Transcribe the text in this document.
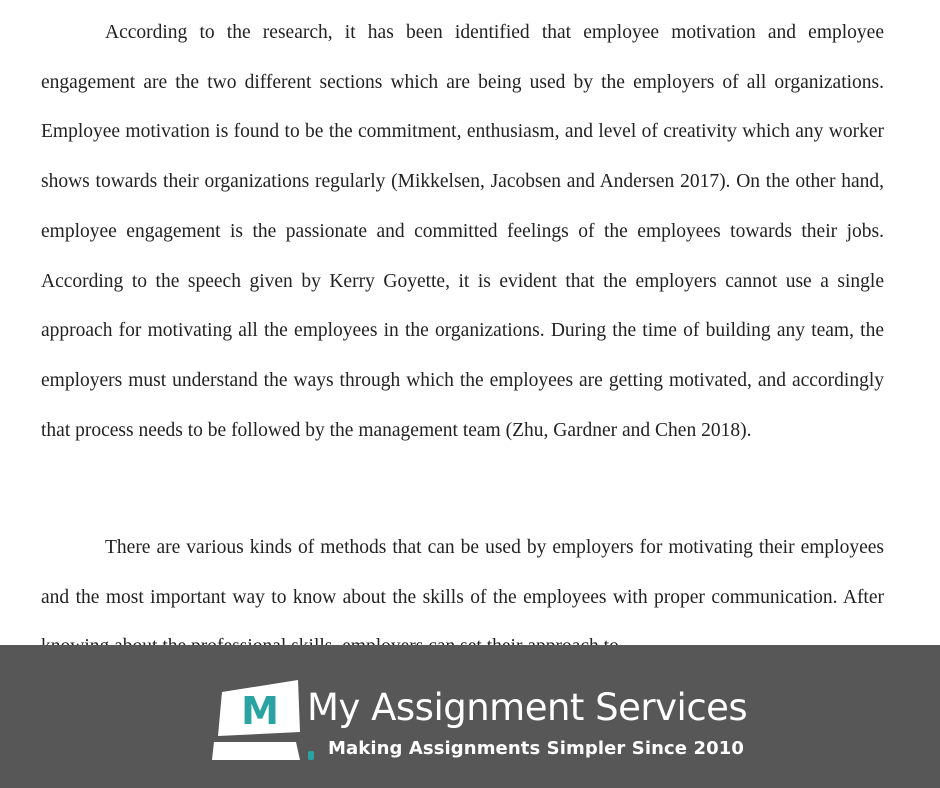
According to the research, it has been identified that employee motivation and employee engagement are the two different sections which are being used by the employers of all organizations. Employee motivation is found to be the commitment, enthusiasm, and level of creativity which any worker shows towards their organizations regularly (Mikkelsen, Jacobsen and Andersen 2017). On the other hand, employee engagement is the passionate and committed feelings of the employees towards their jobs. According to the speech given by Kerry Goyette, it is evident that the employers cannot use a single approach for motivating all the employees in the organizations. During the time of building any team, the employers must understand the ways through which the employees are getting motivated, and accordingly that process needs to be followed by the management team (Zhu, Gardner and Chen 2018).

There are various kinds of methods that can be used by employers for motivating their employees and the most important way to know about the skills of the employees with proper communication. After

M My Assignment Services

Making Assignments Simpler Since 2010
